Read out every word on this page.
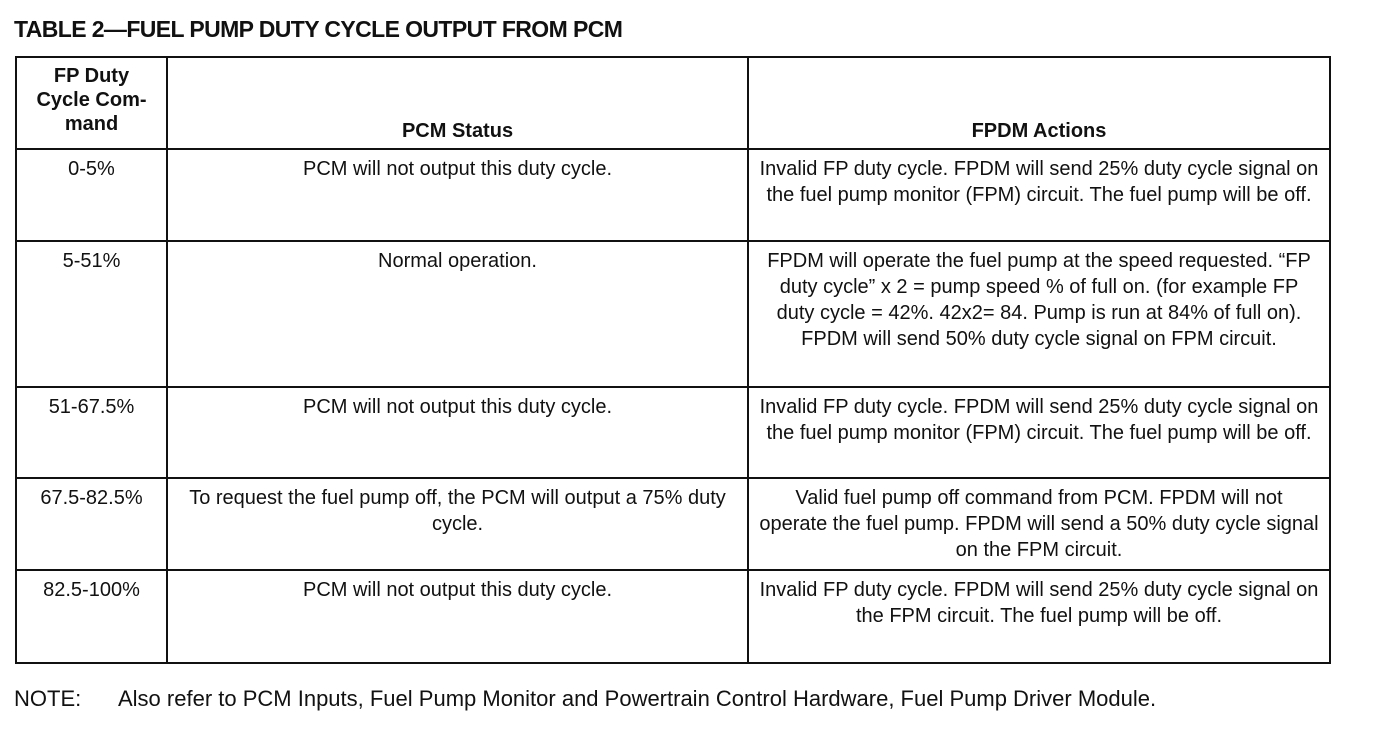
TABLE 2—FUEL PUMP DUTY CYCLE OUTPUT FROM PCM
FP Duty Cycle Com-mand	PCM Status	FPDM Actions
0-5%	PCM will not output this duty cycle.	Invalid FP duty cycle. FPDM will send 25% duty cycle signal on the fuel pump monitor (FPM) circuit. The fuel pump will be off.
5-51%	Normal operation.	FPDM will operate the fuel pump at the speed requested. “FP duty cycle” x 2 = pump speed % of full on. (for example FP duty cycle = 42%. 42x2= 84. Pump is run at 84% of full on). FPDM will send 50% duty cycle signal on FPM circuit.
51-67.5%	PCM will not output this duty cycle.	Invalid FP duty cycle. FPDM will send 25% duty cycle signal on the fuel pump monitor (FPM) circuit. The fuel pump will be off.
67.5-82.5%	To request the fuel pump off, the PCM will output a 75% duty cycle.	Valid fuel pump off command from PCM. FPDM will not operate the fuel pump. FPDM will send a 50% duty cycle signal on the FPM circuit.
82.5-100%	PCM will not output this duty cycle.	Invalid FP duty cycle. FPDM will send 25% duty cycle signal on the FPM circuit. The fuel pump will be off.

NOTE: Also refer to PCM Inputs, Fuel Pump Monitor and Powertrain Control Hardware, Fuel Pump Driver Module.
